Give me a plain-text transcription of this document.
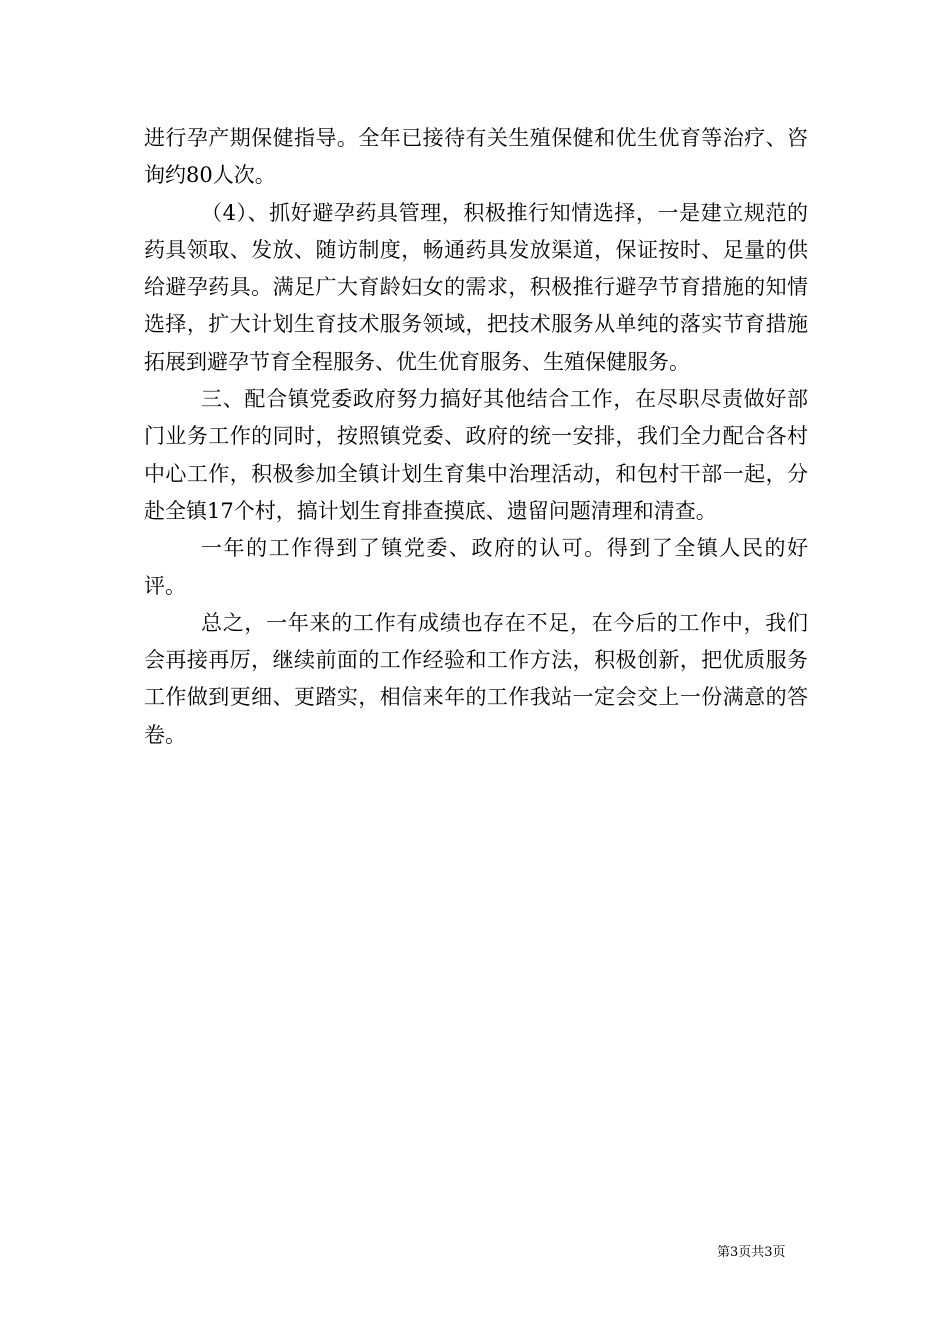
进行孕产期保健指导。全年已接待有关生殖保健和优生优育等治疗、咨询约80人次。

（4）、抓好避孕药具管理，积极推行知情选择，一是建立规范的药具领取、发放、随访制度，畅通药具发放渠道，保证按时、足量的供给避孕药具。满足广大育龄妇女的需求，积极推行避孕节育措施的知情选择，扩大计划生育技术服务领域，把技术服务从单纯的落实节育措施拓展到避孕节育全程服务、优生优育服务、生殖保健服务。

三、配合镇党委政府努力搞好其他结合工作，在尽职尽责做好部门业务工作的同时，按照镇党委、政府的统一安排，我们全力配合各村中心工作，积极参加全镇计划生育集中治理活动，和包村干部一起，分赴全镇17个村，搞计划生育排查摸底、遗留问题清理和清查。

一年的工作得到了镇党委、政府的认可。得到了全镇人民的好评。

总之，一年来的工作有成绩也存在不足，在今后的工作中，我们会再接再厉，继续前面的工作经验和工作方法，积极创新，把优质服务工作做到更细、更踏实，相信来年的工作我站一定会交上一份满意的答卷。

第3页共3页
